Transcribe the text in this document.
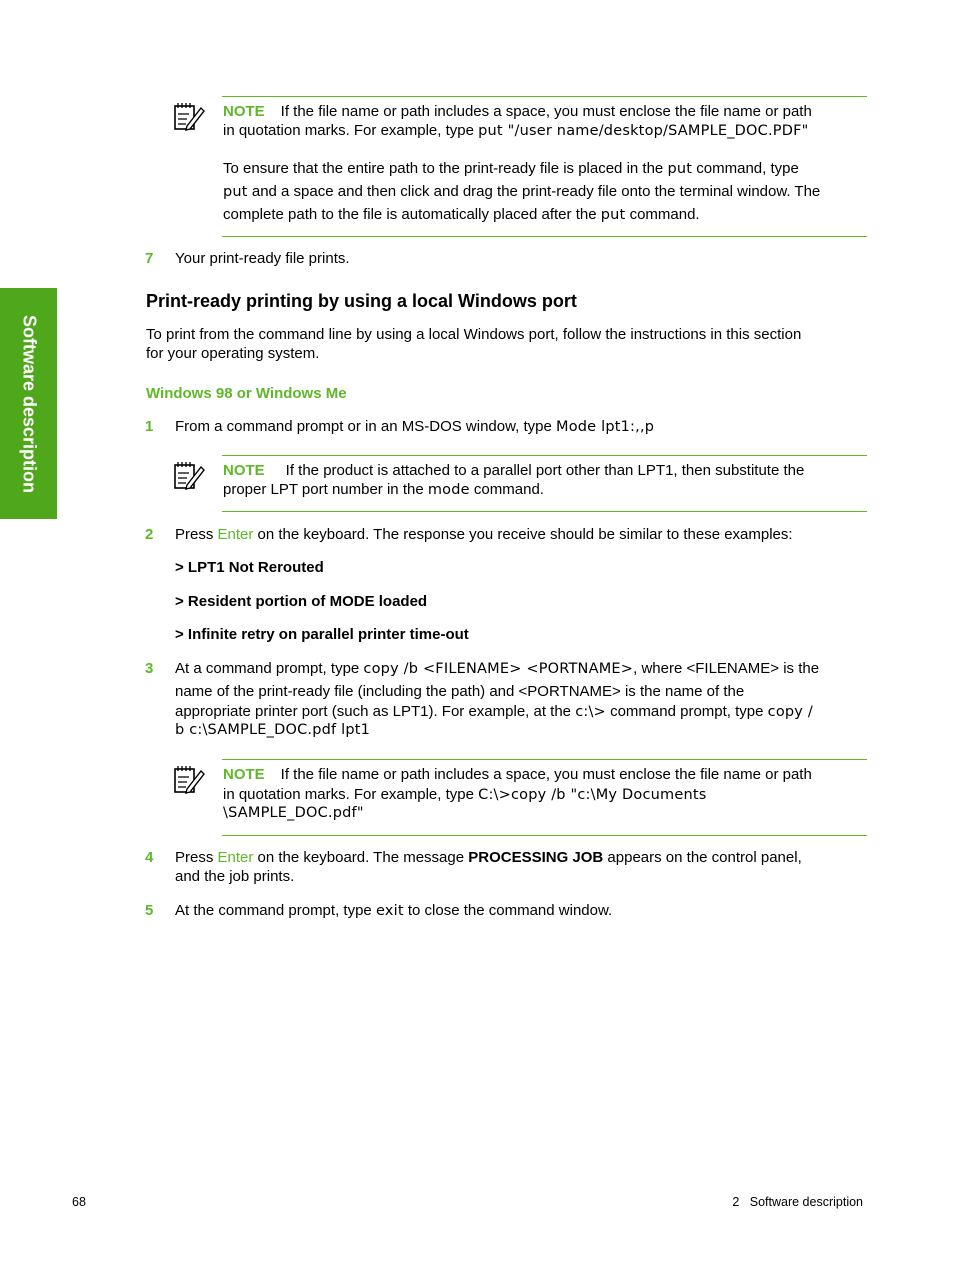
Software description
NOTE If the file name or path includes a space, you must enclose the file name or path
in quotation marks. For example, type put "/user name/desktop/SAMPLE_DOC.PDF"
To ensure that the entire path to the print-ready file is placed in the put command, type
put and a space and then click and drag the print-ready file onto the terminal window. The
complete path to the file is automatically placed after the put command.
7 Your print-ready file prints.
Print-ready printing by using a local Windows port
To print from the command line by using a local Windows port, follow the instructions in this section
for your operating system.
Windows 98 or Windows Me
1 From a command prompt or in an MS-DOS window, type Mode lpt1:,,p
NOTE If the product is attached to a parallel port other than LPT1, then substitute the
proper LPT port number in the mode command.
2 Press Enter on the keyboard. The response you receive should be similar to these examples:
> LPT1 Not Rerouted
> Resident portion of MODE loaded
> Infinite retry on parallel printer time-out
3 At a command prompt, type copy /b <FILENAME> <PORTNAME>, where <FILENAME> is the
name of the print-ready file (including the path) and <PORTNAME> is the name of the
appropriate printer port (such as LPT1). For example, at the c:\> command prompt, type copy /
b c:\SAMPLE_DOC.pdf lpt1
NOTE If the file name or path includes a space, you must enclose the file name or path
in quotation marks. For example, type C:\>copy /b "c:\My Documents
\SAMPLE_DOC.pdf"
4 Press Enter on the keyboard. The message PROCESSING JOB appears on the control panel,
and the job prints.
5 At the command prompt, type exit to close the command window.
68	2   Software description
